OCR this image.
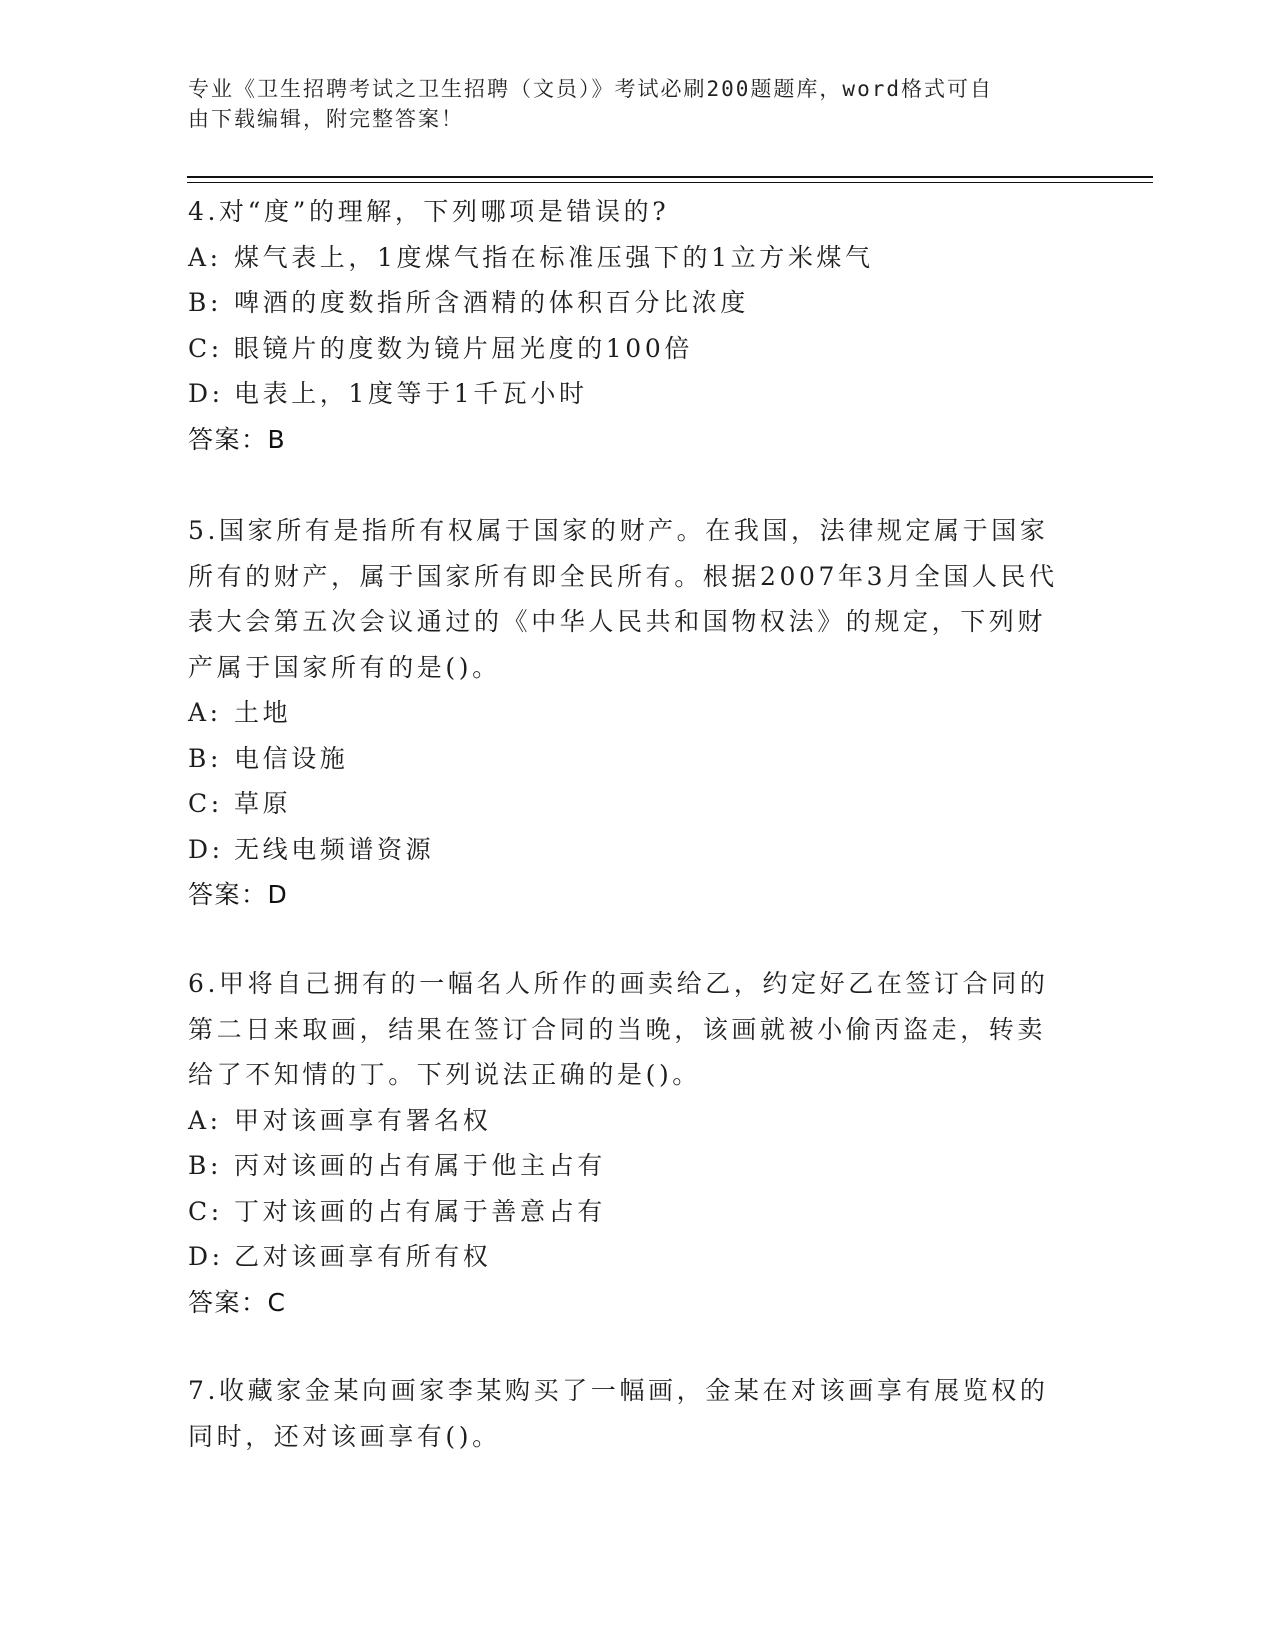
专业《卫生招聘考试之卫生招聘（文员）》考试必刷200题题库，word格式可自
由下载编辑，附完整答案！

4.对“度”的理解，下列哪项是错误的?

A: 煤气表上，1度煤气指在标准压强下的1立方米煤气

B: 啤酒的度数指所含酒精的体积百分比浓度

C: 眼镜片的度数为镜片屈光度的100倍

D: 电表上，1度等于1千瓦小时

答案：B

5.国家所有是指所有权属于国家的财产。在我国，法律规定属于国家所有的财产，属于国家所有即全民所有。根据2007年3月全国人民代表大会第五次会议通过的《中华人民共和国物权法》的规定，下列财产属于国家所有的是()。

A: 土地

B: 电信设施

C: 草原

D: 无线电频谱资源

答案：D

6.甲将自己拥有的一幅名人所作的画卖给乙，约定好乙在签订合同的第二日来取画，结果在签订合同的当晚，该画就被小偷丙盗走，转卖给了不知情的丁。下列说法正确的是()。

A: 甲对该画享有署名权

B: 丙对该画的占有属于他主占有

C: 丁对该画的占有属于善意占有

D: 乙对该画享有所有权

答案：C

7.收藏家金某向画家李某购买了一幅画，金某在对该画享有展览权的同时，还对该画享有()。
